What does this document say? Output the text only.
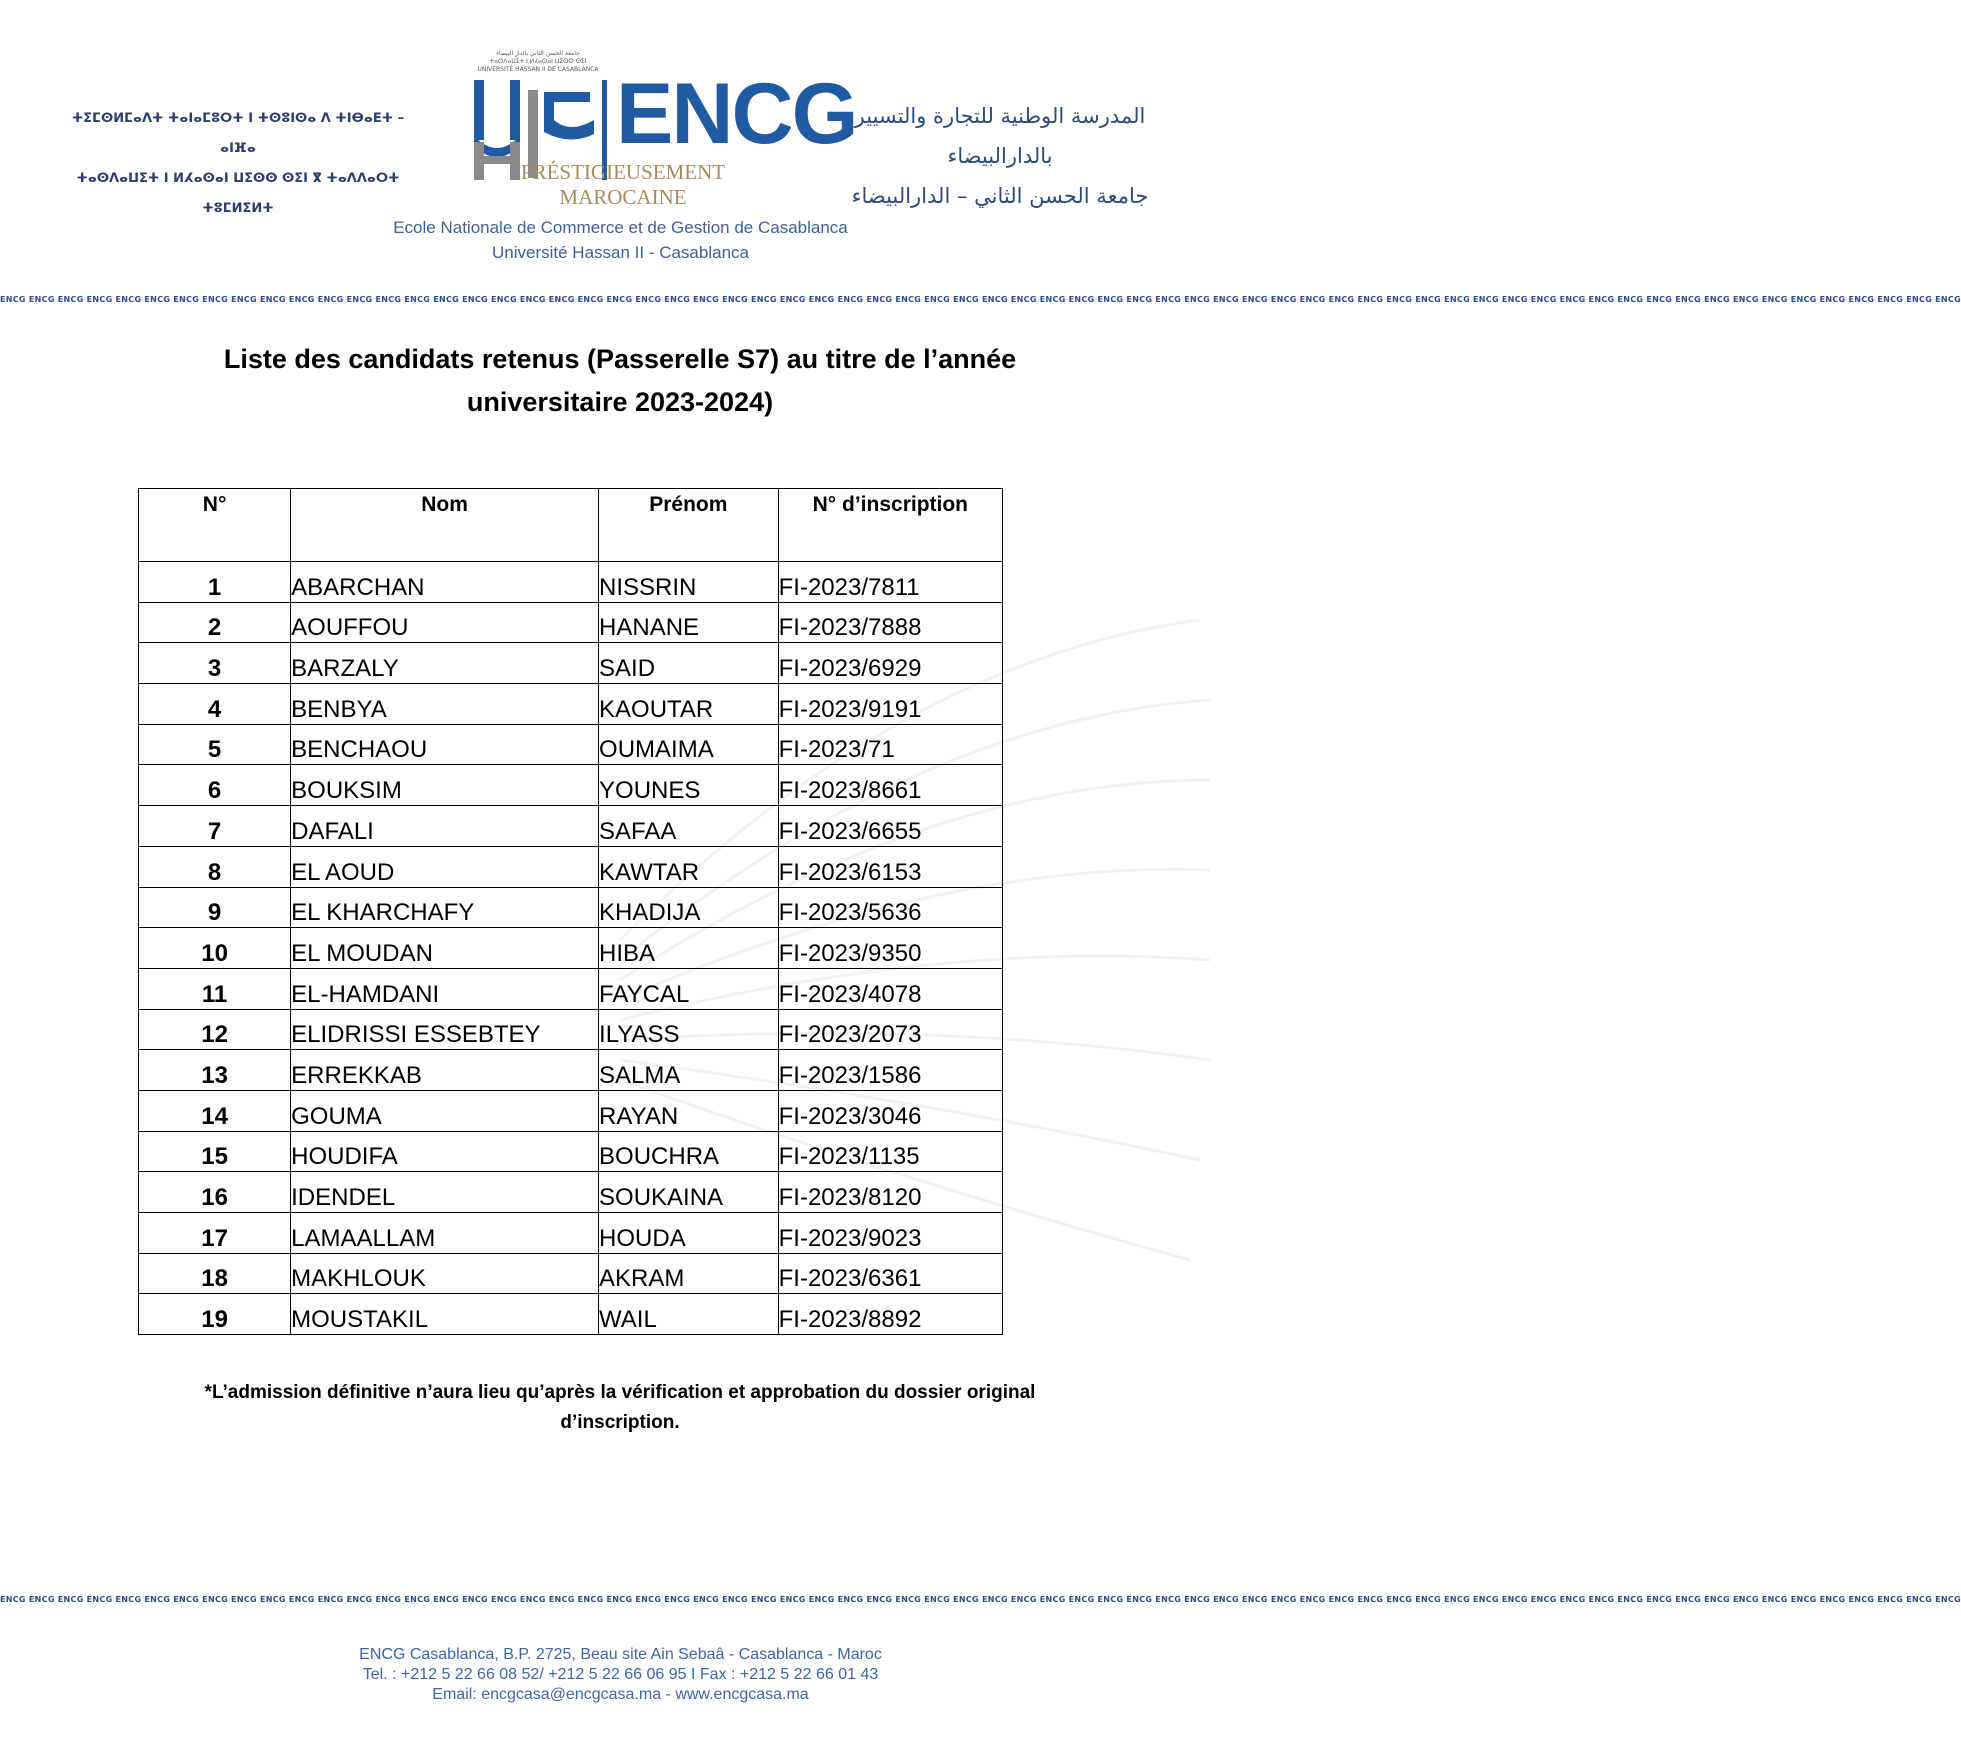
ⵜⵉⵎⵙⵍⵎⴰⴷⵜ ⵜⴰⵏⴰⵎⵓⵔⵜ ⵏ ⵜⵙⵓⵏⵙⴰ ⴷ ⵜⵏⴱⴰⴹⵜ – ⴰⵏⴼⴰ
ⵜⴰⵙⴷⴰⵡⵉⵜ ⵏ ⵍⵃⴰⵙⴰⵏ ⵡⵉⵙⵙ ⵙⵉⵏ ⴳ ⵜⴰⴷⴷⴰⵔⵜ ⵜⵓⵎⵍⵉⵍⵜ
جامعة الحسن الثاني بالدار البيضاء
ⵜⴰⵙⴷⴰⵡⵉⵜ ⵏ ⵍⵃⴰⵙⴰⵏ ⵡⵉⵙⵙ ⵙⵉⵏ
UNIVERSITÉ HASSAN II DE CASABLANCA ENCG
PRÉSTIGIEUSEMENT MAROCAINE
المدرسة الوطنية للتجارة والتسيير بالدارالبيضاء
جامعة الحسن الثاني – الدارالبيضاء
Ecole Nationale de Commerce et de Gestion de Casablanca
Université Hassan II - Casablanca
ENCG ENCG ENCG ENCG ENCG ENCG ENCG ENCG ENCG ENCG ENCG ENCG ENCG ENCG ENCG ENCG ENCG ENCG ENCG ENCG ENCG ENCG ENCG ENCG ENCG ENCG ENCG ENCG ENCG ENCG ENCG ENCG ENCG ENCG ENCG ENCG ENCG ENCG ENCG ENCG ENCG ENCG ENCG ENCG ENCG ENCG ENCG ENCG ENCG ENCG ENCG ENCG ENCG ENCG ENCG ENCG ENCG ENCG ENCG ENCG ENCG ENCG ENCG ENCG ENCG ENCG ENCG ENCG
Liste des candidats retenus (Passerelle S7) au titre de l’année
universitaire 2023-2024)
N°	Nom	Prénom	N° d’inscription
1	ABARCHAN	NISSRIN	FI-2023/7811
2	AOUFFOU	HANANE	FI-2023/7888
3	BARZALY	SAID	FI-2023/6929
4	BENBYA	KAOUTAR	FI-2023/9191
5	BENCHAOU	OUMAIMA	FI-2023/71
6	BOUKSIM	YOUNES	FI-2023/8661
7	DAFALI	SAFAA	FI-2023/6655
8	EL AOUD	KAWTAR	FI-2023/6153
9	EL KHARCHAFY	KHADIJA	FI-2023/5636
10	EL MOUDAN	HIBA	FI-2023/9350
11	EL-HAMDANI	FAYCAL	FI-2023/4078
12	ELIDRISSI ESSEBTEY	ILYASS	FI-2023/2073
13	ERREKKAB	SALMA	FI-2023/1586
14	GOUMA	RAYAN	FI-2023/3046
15	HOUDIFA	BOUCHRA	FI-2023/1135
16	IDENDEL	SOUKAINA	FI-2023/8120
17	LAMAALLAM	HOUDA	FI-2023/9023
18	MAKHLOUK	AKRAM	FI-2023/6361
19	MOUSTAKIL	WAIL	FI-2023/8892
*L’admission définitive n’aura lieu qu’après la vérification et approbation du dossier original
d’inscription.
ENCG ENCG ENCG ENCG ENCG ENCG ENCG ENCG ENCG ENCG ENCG ENCG ENCG ENCG ENCG ENCG ENCG ENCG ENCG ENCG ENCG ENCG ENCG ENCG ENCG ENCG ENCG ENCG ENCG ENCG ENCG ENCG ENCG ENCG ENCG ENCG ENCG ENCG ENCG ENCG ENCG ENCG ENCG ENCG ENCG ENCG ENCG ENCG ENCG ENCG ENCG ENCG ENCG ENCG ENCG ENCG ENCG ENCG ENCG ENCG ENCG ENCG ENCG ENCG ENCG ENCG ENCG ENCG
ENCG Casablanca, B.P. 2725, Beau site Ain Sebaâ - Casablanca - Maroc
Tel. : +212 5 22 66 08 52/ +212 5 22 66 06 95 I Fax : +212 5 22 66 01 43
Email: encgcasa@encgcasa.ma - www.encgcasa.ma
